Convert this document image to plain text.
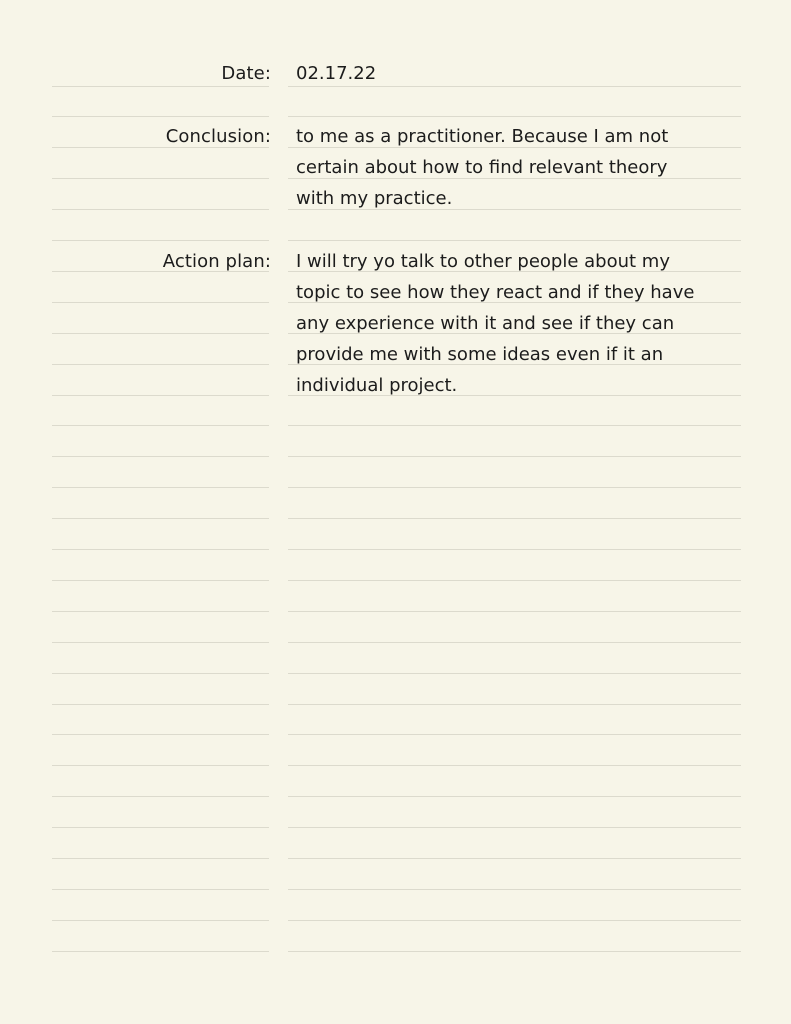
Date: 02.17.22
Conclusion: to me as a practitioner. Because I am not
certain about how to find relevant theory
with my practice.
Action plan: I will try yo talk to other people about my
topic to see how they react and if they have
any experience with it and see if they can
provide me with some ideas even if it an
individual project.
